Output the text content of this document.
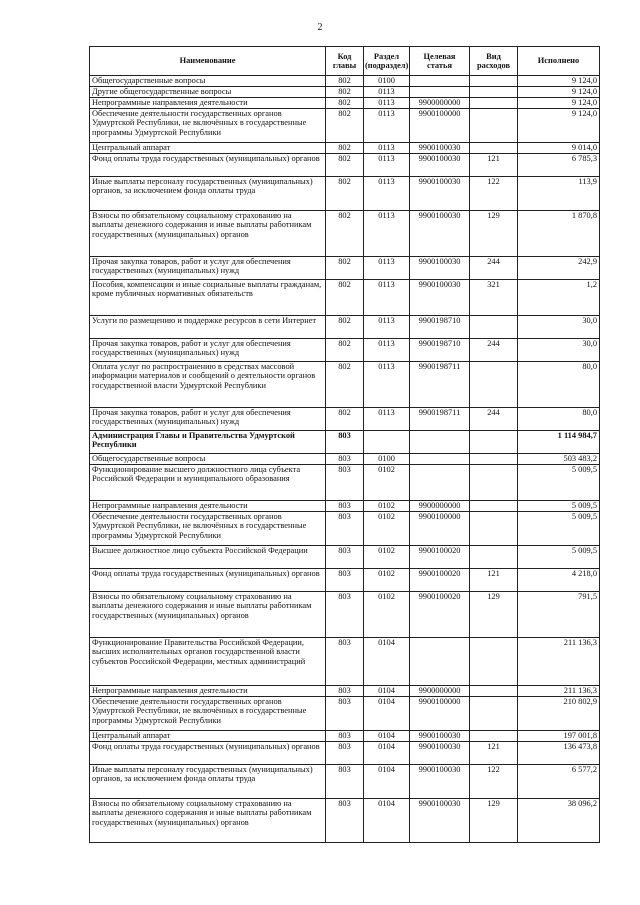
2
Наименование	Код главы	Раздел (подраздел)	Целевая статья	Вид расходов	Исполнено
Общегосударственные вопросы	802	0100			9 124,0
Другие общегосударственные вопросы	802	0113			9 124,0
Непрограммные направления деятельности	802	0113	9900000000		9 124,0
Обеспечение деятельности государственных органов Удмуртской Республики, не включённых в государственные программы Удмуртской Республики	802	0113	9900100000		9 124,0
Центральный аппарат	802	0113	9900100030		9 014,0
Фонд оплаты труда государственных (муниципальных) органов	802	0113	9900100030	121	6 785,3
Иные выплаты персоналу государственных (муниципальных) органов, за исключением фонда оплаты труда	802	0113	9900100030	122	113,9
Взносы по обязательному социальному страхованию на выплаты денежного содержания и иные выплаты работникам государственных (муниципальных) органов	802	0113	9900100030	129	1 870,8
Прочая закупка товаров, работ и услуг для обеспечения государственных (муниципальных) нужд	802	0113	9900100030	244	242,9
Пособия, компенсации и иные социальные выплаты гражданам, кроме публичных нормативных обязательств	802	0113	9900100030	321	1,2
Услуги по размещению и поддержке ресурсов в сети Интернет	802	0113	9900198710		30,0
Прочая закупка товаров, работ и услуг для обеспечения государственных (муниципальных) нужд	802	0113	9900198710	244	30,0
Оплата услуг по распространению в средствах массовой информации материалов и сообщений о деятельности органов государственной власти Удмуртской Республики	802	0113	9900198711		80,0
Прочая закупка товаров, работ и услуг для обеспечения государственных (муниципальных) нужд	802	0113	9900198711	244	80,0
Администрация Главы и Правительства Удмуртской Республики	803				1 114 984,7
Общегосударственные вопросы	803	0100			503 483,2
Функционирование высшего должностного лица субъекта Российской Федерации и муниципального образования	803	0102			5 009,5
Непрограммные направления деятельности	803	0102	9900000000		5 009,5
Обеспечение деятельности государственных органов Удмуртской Республики, не включённых в государственные программы Удмуртской Республики	803	0102	9900100000		5 009,5
Высшее должностное лицо субъекта Российской Федерации	803	0102	9900100020		5 009,5
Фонд оплаты труда государственных (муниципальных) органов	803	0102	9900100020	121	4 218,0
Взносы по обязательному социальному страхованию на выплаты денежного содержания и иные выплаты работникам государственных (муниципальных) органов	803	0102	9900100020	129	791,5
Функционирование Правительства Российской Федерации, высших исполнительных органов государственной власти субъектов Российской Федерации, местных администраций	803	0104			211 136,3
Непрограммные направления деятельности	803	0104	9900000000		211 136,3
Обеспечение деятельности государственных органов Удмуртской Республики, не включённых в государственные программы Удмуртской Республики	803	0104	9900100000		210 802,9
Центральный аппарат	803	0104	9900100030		197 001,8
Фонд оплаты труда государственных (муниципальных) органов	803	0104	9900100030	121	136 473,8
Иные выплаты персоналу государственных (муниципальных) органов, за исключением фонда оплаты труда	803	0104	9900100030	122	6 577,2
Взносы по обязательному социальному страхованию на выплаты денежного содержания и иные выплаты работникам государственных (муниципальных) органов	803	0104	9900100030	129	38 096,2
